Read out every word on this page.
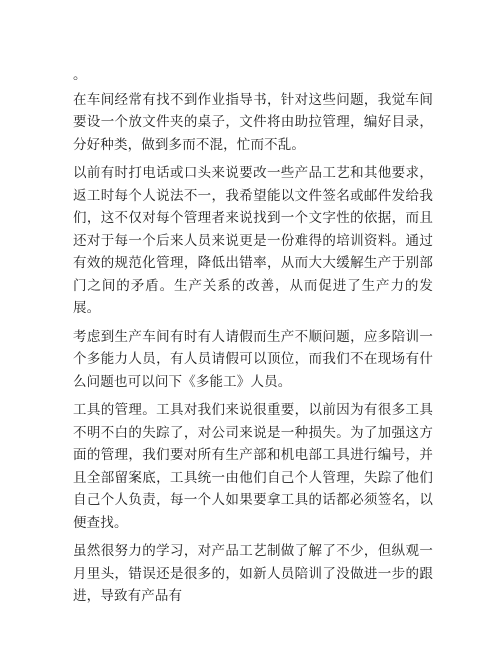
。

在车间经常有找不到作业指导书，针对这些问题，我觉车间要设一个放文件夹的桌子，文件将由助拉管理，编好目录，分好种类，做到多而不混，忙而不乱。

以前有时打电话或口头来说要改一些产品工艺和其他要求，返工时每个人说法不一，我希望能以文件签名或邮件发给我们，这不仅对每个管理者来说找到一个文字性的依据，而且还对于每一个后来人员来说更是一份难得的培训资料。通过有效的规范化管理，降低出错率，从而大大缓解生产于别部门之间的矛盾。生产关系的改善，从而促进了生产力的发展。

考虑到生产车间有时有人请假而生产不顺问题，应多陪训一个多能力人员，有人员请假可以顶位，而我们不在现场有什么问题也可以问下《多能工》人员。

工具的管理。工具对我们来说很重要，以前因为有很多工具不明不白的失踪了，对公司来说是一种损失。为了加强这方面的管理，我们要对所有生产部和机电部工具进行编号，并且全部留案底，工具统一由他们自己个人管理，失踪了他们自己个人负责，每一个人如果要拿工具的话都必须签名，以便查找。

虽然很努力的学习，对产品工艺制做了解了不少，但纵观一月里头，错误还是很多的，如新人员陪训了没做进一步的跟进，导致有产品有
